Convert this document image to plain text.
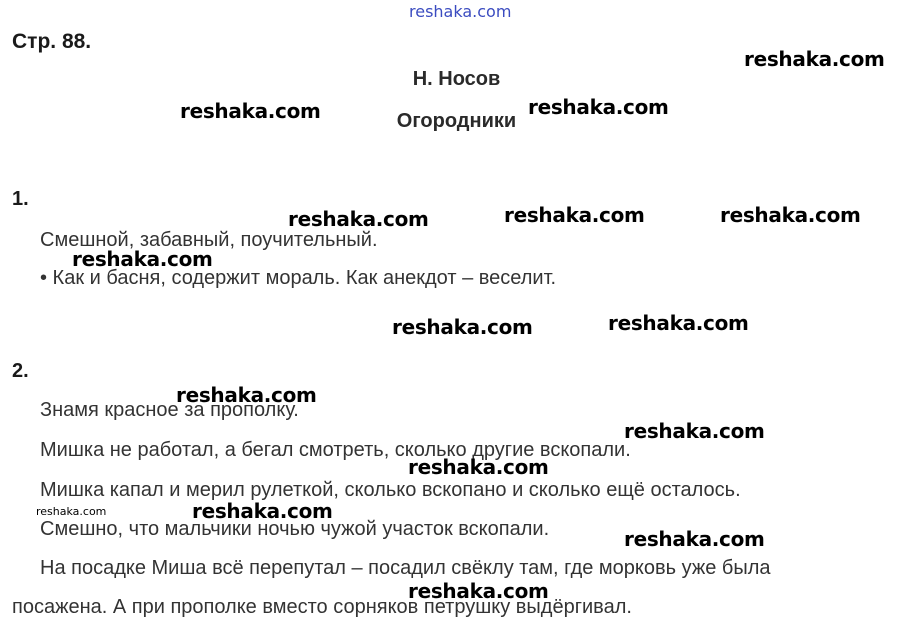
Стр. 88.
Н. Носов
Огородники
1.
Смешной, забавный, поучительный.
• Как и басня, содержит мораль. Как анекдот – веселит.
2.
Знамя красное за прополку.
Мишка не работал, а бегал смотреть, сколько другие вскопали.
Мишка капал и мерил рулеткой, сколько вскопано и сколько ещё осталось.
Смешно, что мальчики ночью чужой участок вскопали.
На посадке Миша всё перепутал – посадил свёклу там, где морковь уже была
посажена. А при прополке вместо сорняков петрушку выдёргивал.
reshaka.com
reshaka.com
reshaka.com	reshaka.com
reshaka.com	reshaka.com	reshaka.com
reshaka.com
reshaka.com	reshaka.com
reshaka.com
reshaka.com
reshaka.com
reshaka.com
reshaka.com
reshaka.com
reshaka.com
